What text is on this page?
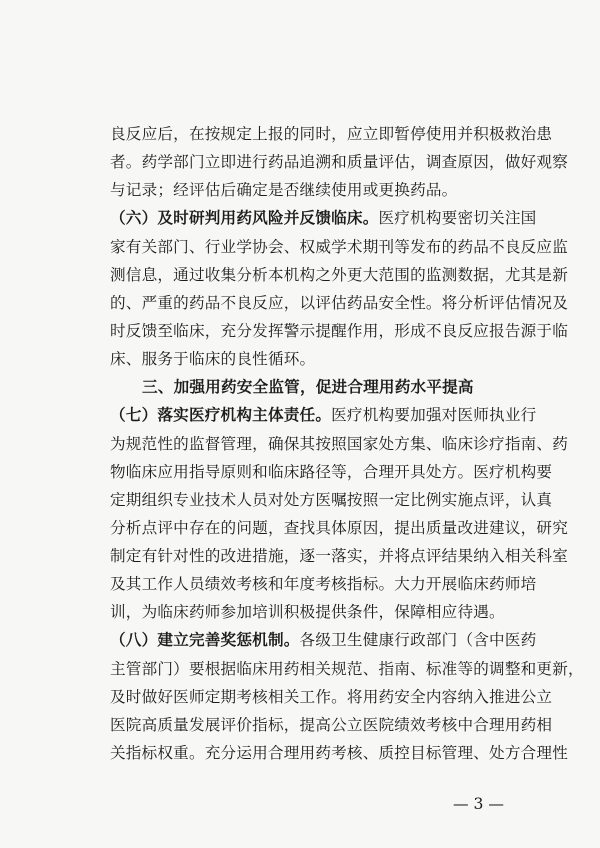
良反应后，在按规定上报的同时，应立即暂停使用并积极救治患
者。药学部门立即进行药品追溯和质量评估，调查原因，做好观察
与记录；经评估后确定是否继续使用或更换药品。
（六）及时研判用药风险并反馈临床。医疗机构要密切关注国
家有关部门、行业学协会、权威学术期刊等发布的药品不良反应监
测信息，通过收集分析本机构之外更大范围的监测数据，尤其是新
的、严重的药品不良反应，以评估药品安全性。将分析评估情况及
时反馈至临床，充分发挥警示提醒作用，形成不良反应报告源于临
床、服务于临床的良性循环。
三、加强用药安全监管，促进合理用药水平提高
（七）落实医疗机构主体责任。医疗机构要加强对医师执业行
为规范性的监督管理，确保其按照国家处方集、临床诊疗指南、药
物临床应用指导原则和临床路径等，合理开具处方。医疗机构要
定期组织专业技术人员对处方医嘱按照一定比例实施点评，认真
分析点评中存在的问题，查找具体原因，提出质量改进建议，研究
制定有针对性的改进措施，逐一落实，并将点评结果纳入相关科室
及其工作人员绩效考核和年度考核指标。大力开展临床药师培
训，为临床药师参加培训积极提供条件，保障相应待遇。
（八）建立完善奖惩机制。各级卫生健康行政部门（含中医药
主管部门）要根据临床用药相关规范、指南、标准等的调整和更新，
及时做好医师定期考核相关工作。将用药安全内容纳入推进公立
医院高质量发展评价指标，提高公立医院绩效考核中合理用药相
关指标权重。充分运用合理用药考核、质控目标管理、处方合理性
— 3 —
